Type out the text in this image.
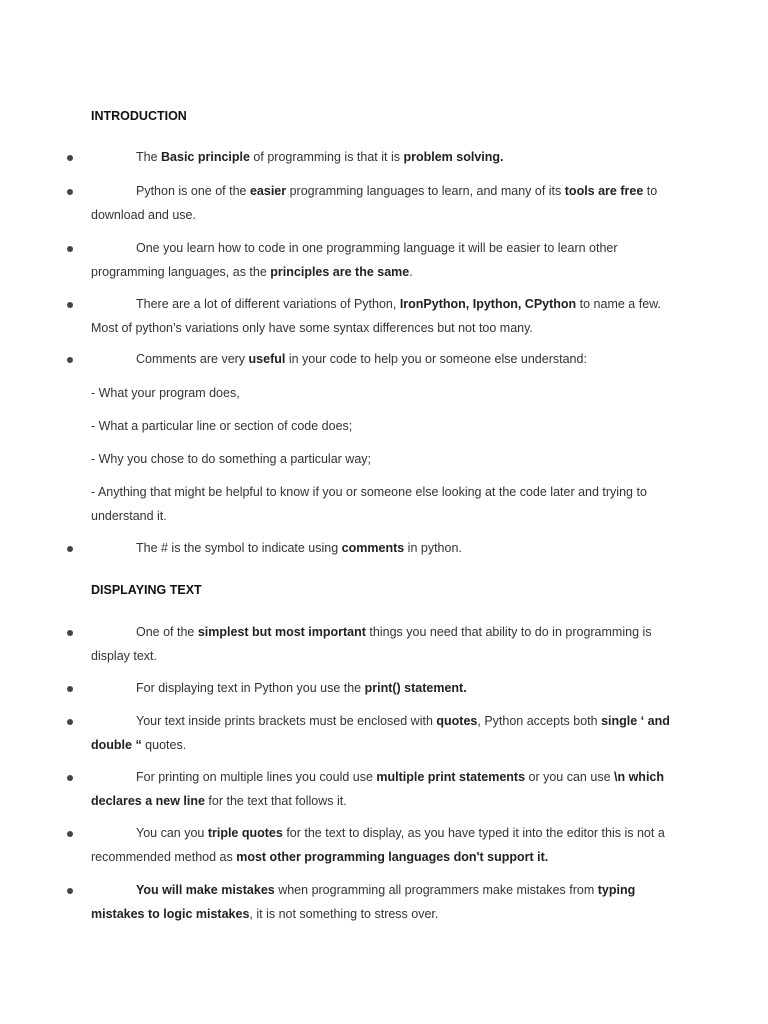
INTRODUCTION
The Basic principle of programming is that it is problem solving.
Python is one of the easier programming languages to learn, and many of its tools are free to download and use.
One you learn how to code in one programming language it will be easier to learn other programming languages, as the principles are the same.
There are a lot of different variations of Python, IronPython, Ipython, CPython to name a few. Most of python’s variations only have some syntax differences but not too many.
Comments are very useful in your code to help you or someone else understand:
- What your program does,
- What a particular line or section of code does;
- Why you chose to do something a particular way;
- Anything that might be helpful to know if you or someone else looking at the code later and trying to understand it.
The # is the symbol to indicate using comments in python.
DISPLAYING TEXT
One of the simplest but most important things you need that ability to do in programming is display text.
For displaying text in Python you use the print() statement.
Your text inside prints brackets must be enclosed with quotes, Python accepts both single ‘ and double “ quotes.
For printing on multiple lines you could use multiple print statements or you can use \n which declares a new line for the text that follows it.
You can you triple quotes for the text to display, as you have typed it into the editor this is not a recommended method as most other programming languages don't support it.
You will make mistakes when programming all programmers make mistakes from typing mistakes to logic mistakes, it is not something to stress over.
